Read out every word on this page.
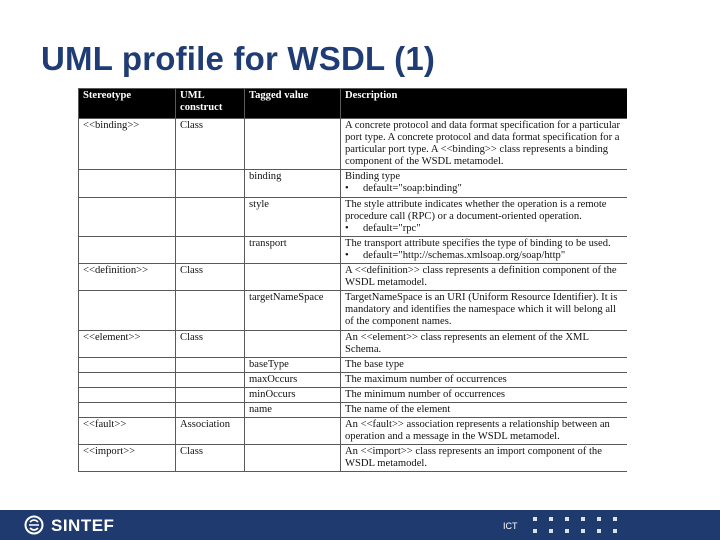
UML profile for WSDL (1)
Stereotype	UML construct	Tagged value	Description
<<binding>>	Class		A concrete protocol and data format specification for a particular port type. A concrete protocol and data format specification for a particular port type. A <<binding>> class represents a binding component of the WSDL metamodel.
		binding	Binding type
• default="soap:binding"

		style	The style attribute indicates whether the operation is a remote procedure call (RPC) or a document-oriented operation.
• default="rpc"

		transport	The transport attribute specifies the type of binding to be used.
• default="http://schemas.xmlsoap.org/soap/http"

<<definition>>	Class		A <<definition>> class represents a definition component of the WSDL metamodel.
		targetNameSpace	TargetNameSpace is an URI (Uniform Resource Identifier). It is mandatory and identifies the namespace which it will belong all of the component names.
<<element>>	Class		An <<element>> class represents an element of the XML Schema.
		baseType	The base type
		maxOccurs	The maximum number of occurrences
		minOccurs	The minimum number of occurrences
		name	The name of the element
<<fault>>	Association		An <<fault>> association represents a relationship between an operation and a message in the WSDL metamodel.
<<import>>	Class		An <<import>> class represents an import component of the WSDL metamodel.
SINTEF	ICT
